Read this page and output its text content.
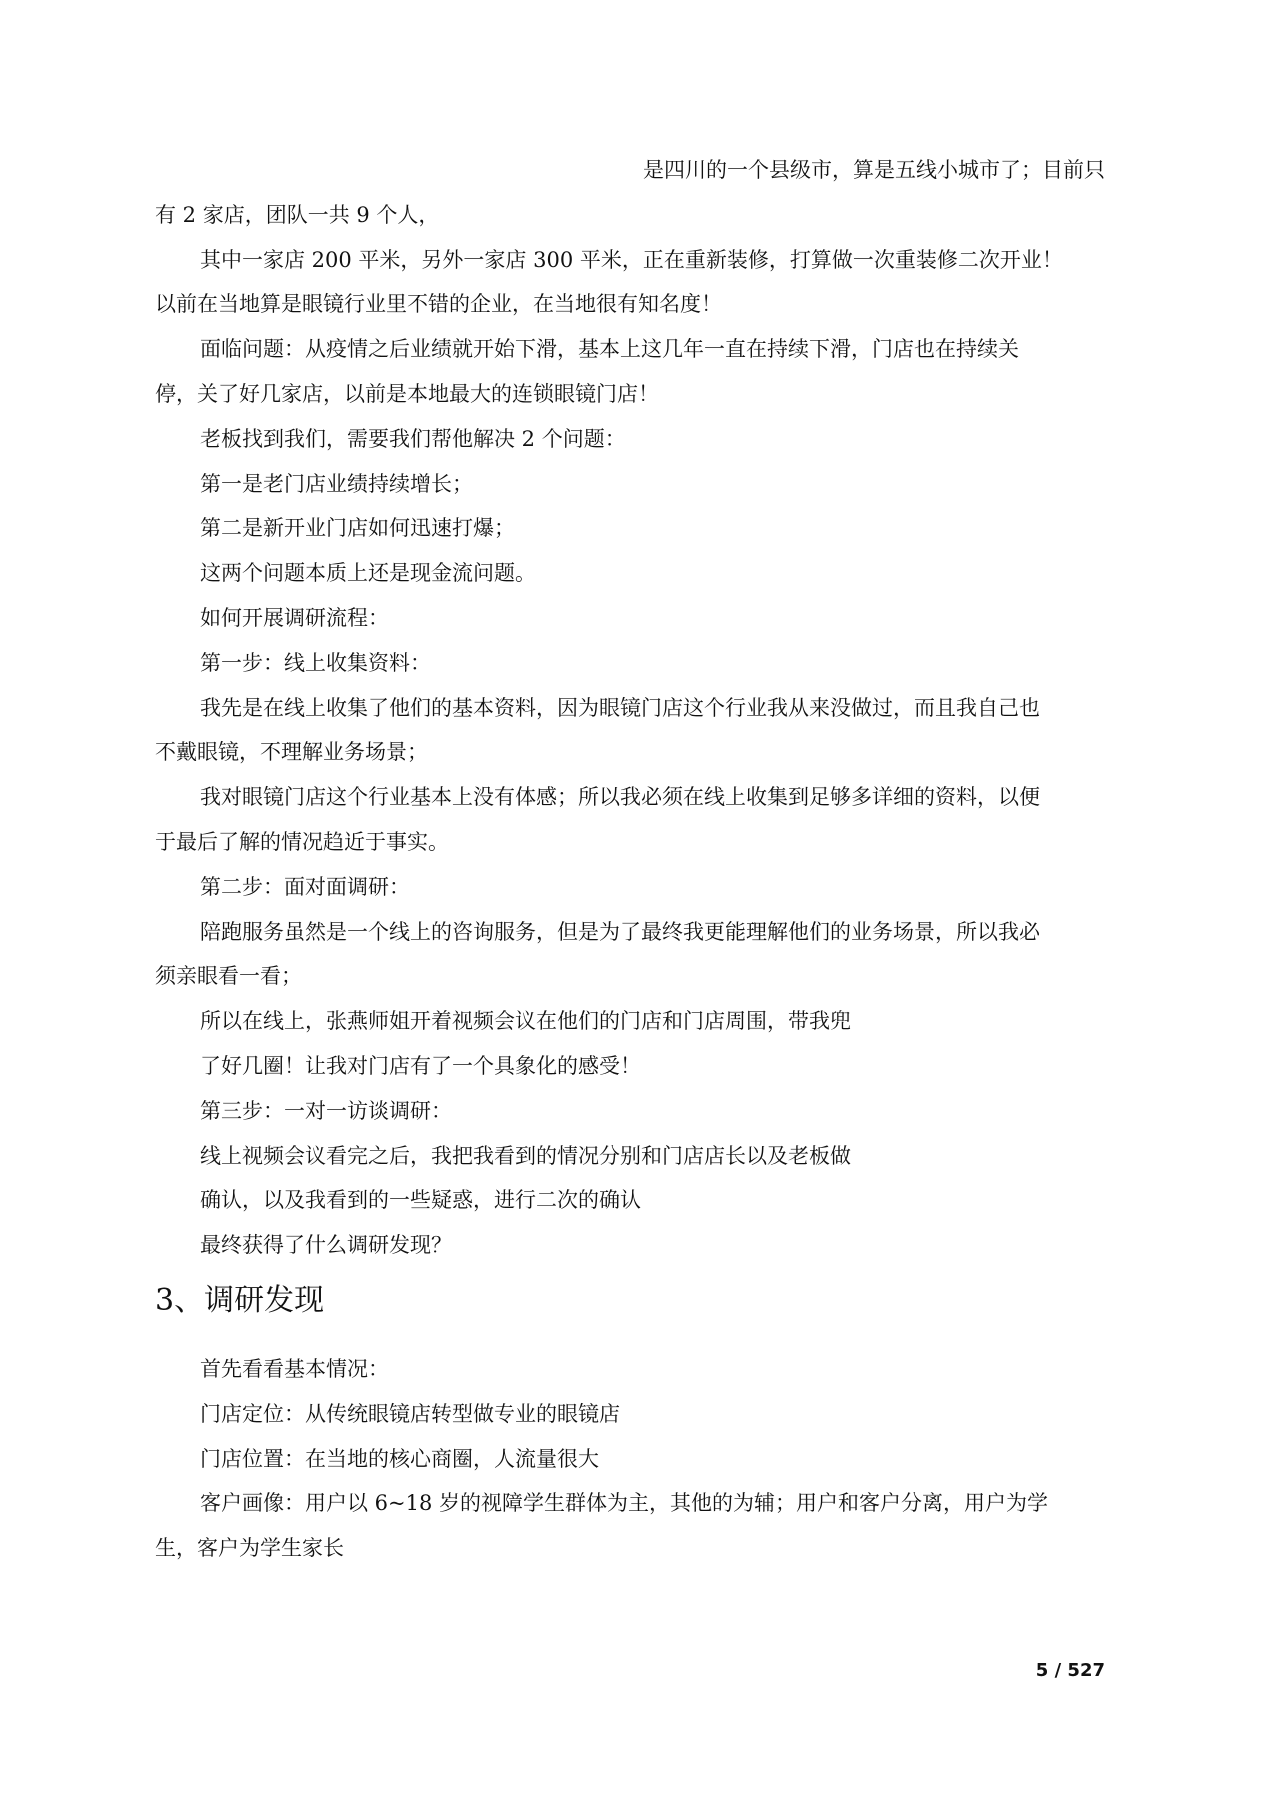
是四川的一个县级市，算是五线小城市了；目前只

有 2 家店，团队一共 9 个人，

其中一家店 200 平米，另外一家店 300 平米，正在重新装修，打算做一次重装修二次开业！

以前在当地算是眼镜行业里不错的企业，在当地很有知名度！

面临问题：从疫情之后业绩就开始下滑，基本上这几年一直在持续下滑，门店也在持续关

停，关了好几家店，以前是本地最大的连锁眼镜门店！

老板找到我们，需要我们帮他解决 2 个问题：

第一是老门店业绩持续增长；

第二是新开业门店如何迅速打爆；

这两个问题本质上还是现金流问题。

如何开展调研流程：

第一步：线上收集资料：

我先是在线上收集了他们的基本资料，因为眼镜门店这个行业我从来没做过，而且我自己也

不戴眼镜，不理解业务场景；

我对眼镜门店这个行业基本上没有体感；所以我必须在线上收集到足够多详细的资料，以便

于最后了解的情况趋近于事实。

第二步：面对面调研：

陪跑服务虽然是一个线上的咨询服务，但是为了最终我更能理解他们的业务场景，所以我必

须亲眼看一看；

所以在线上，张燕师姐开着视频会议在他们的门店和门店周围，带我兜

了好几圈！让我对门店有了一个具象化的感受！

第三步：一对一访谈调研：

线上视频会议看完之后，我把我看到的情况分别和门店店长以及老板做

确认，以及我看到的一些疑惑，进行二次的确认

最终获得了什么调研发现？

3、调研发现

首先看看基本情况：

门店定位：从传统眼镜店转型做专业的眼镜店

门店位置：在当地的核心商圈，人流量很大

客户画像：用户以 6~18 岁的视障学生群体为主，其他的为辅；用户和客户分离，用户为学

生，客户为学生家长

5 / 527
